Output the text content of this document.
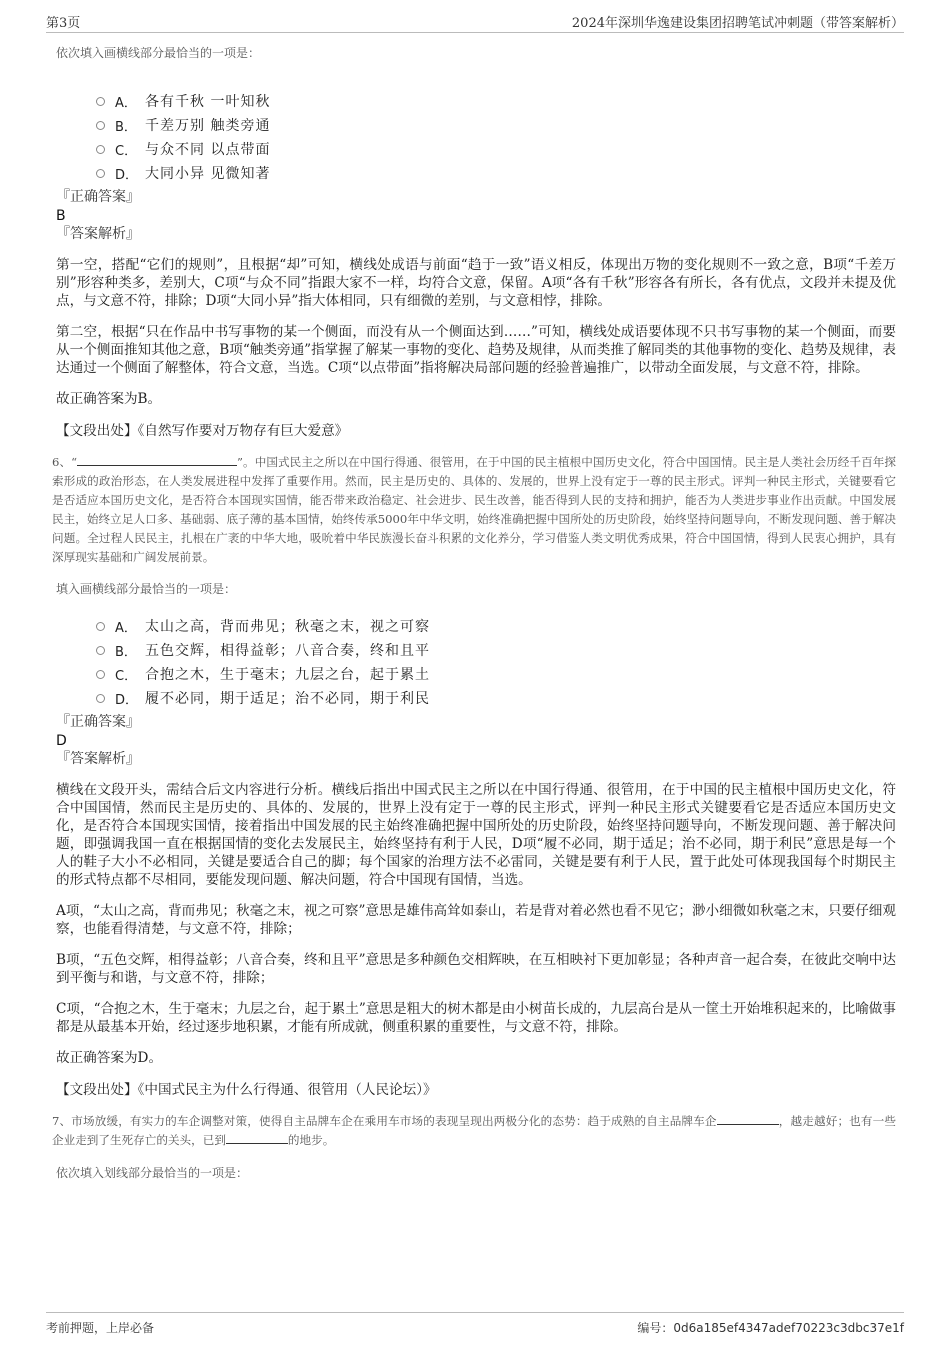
第3页	2024年深圳华逸建设集团招聘笔试冲刺题（带答案解析）
依次填入画横线部分最恰当的一项是：
A． 各有千秋 一叶知秋
B． 千差万别 触类旁通
C． 与众不同 以点带面
D． 大同小异 见微知著
『正确答案』
B
『答案解析』

第一空，搭配“它们的规则”，且根据“却”可知，横线处成语与前面“趋于一致”语义相反，体现出万物的变化规则不一致之意，B项“千差万别”形容种类多，差别大，C项“与众不同”指跟大家不一样，均符合文意，保留。A项“各有千秋”形容各有所长，各有优点，文段并未提及优点，与文意不符，排除；D项“大同小异”指大体相同，只有细微的差别，与文意相悖，排除。

第二空，根据“只在作品中书写事物的某一个侧面，而没有从一个侧面达到……”可知，横线处成语要体现不只书写事物的某一个侧面，而要从一个侧面推知其他之意，B项“触类旁通”指掌握了解某一事物的变化、趋势及规律，从而类推了解同类的其他事物的变化、趋势及规律，表达通过一个侧面了解整体，符合文意，当选。C项“以点带面”指将解决局部问题的经验普遍推广，以带动全面发展，与文意不符，排除。

故正确答案为B。

【文段出处】《自然写作要对万物存有巨大爱意》

6、“	”。中国式民主之所以在中国行得通、很管用，在于中国的民主植根中国历史文化，符合中国国情。民主是人类社会历经千百年探索形成的政治形态，在人类发展进程中发挥了重要作用。然而，民主是历史的、具体的、发展的，世界上没有定于一尊的民主形式。评判一种民主形式，关键要看它是否适应本国历史文化，是否符合本国现实国情，能否带来政治稳定、社会进步、民生改善，能否得到人民的支持和拥护，能否为人类进步事业作出贡献。中国发展民主，始终立足人口多、基础弱、底子薄的基本国情，始终传承5000年中华文明，始终准确把握中国所处的历史阶段，始终坚持问题导向，不断发现问题、善于解决问题。全过程人民民主，扎根在广袤的中华大地，吸吮着中华民族漫长奋斗积累的文化养分，学习借鉴人类文明优秀成果，符合中国国情，得到人民衷心拥护，具有深厚现实基础和广阔发展前景。

填入画横线部分最恰当的一项是：
A． 太山之高，背而弗见；秋毫之末，视之可察
B． 五色交辉，相得益彰；八音合奏，终和且平
C． 合抱之木，生于毫末；九层之台，起于累土
D． 履不必同，期于适足；治不必同，期于利民
『正确答案』
D
『答案解析』

横线在文段开头，需结合后文内容进行分析。横线后指出中国式民主之所以在中国行得通、很管用，在于中国的民主植根中国历史文化，符合中国国情，然而民主是历史的、具体的、发展的，世界上没有定于一尊的民主形式，评判一种民主形式关键要看它是否适应本国历史文化，是否符合本国现实国情，接着指出中国发展的民主始终准确把握中国所处的历史阶段，始终坚持问题导向，不断发现问题、善于解决问题，即强调我国一直在根据国情的变化去发展民主，始终坚持有利于人民，D项“履不必同，期于适足；治不必同，期于利民”意思是每一个人的鞋子大小不必相同，关键是要适合自己的脚；每个国家的治理方法不必雷同，关键是要有利于人民，置于此处可体现我国每个时期民主的形式特点都不尽相同，要能发现问题、解决问题，符合中国现有国情，当选。

A项，“太山之高，背而弗见；秋毫之末，视之可察”意思是雄伟高耸如泰山，若是背对着必然也看不见它；渺小细微如秋毫之末，只要仔细观察，也能看得清楚，与文意不符，排除；

B项，“五色交辉，相得益彰；八音合奏，终和且平”意思是多种颜色交相辉映，在互相映衬下更加彰显；各种声音一起合奏，在彼此交响中达到平衡与和谐，与文意不符，排除；

C项，“合抱之木，生于毫末；九层之台，起于累土”意思是粗大的树木都是由小树苗长成的，九层高台是从一筐土开始堆积起来的，比喻做事都是从最基本开始，经过逐步地积累，才能有所成就，侧重积累的重要性，与文意不符，排除。

故正确答案为D。

【文段出处】《中国式民主为什么行得通、很管用（人民论坛）》

7、市场放缓，有实力的车企调整对策，使得自主品牌车企在乘用车市场的表现呈现出两极分化的态势：趋于成熟的自主品牌车企	，越走越好；也有一些企业走到了生死存亡的关头，已到	的地步。

依次填入划线部分最恰当的一项是：
考前押题，上岸必备	编号：0d6a185ef4347adef70223c3dbc37e1f
